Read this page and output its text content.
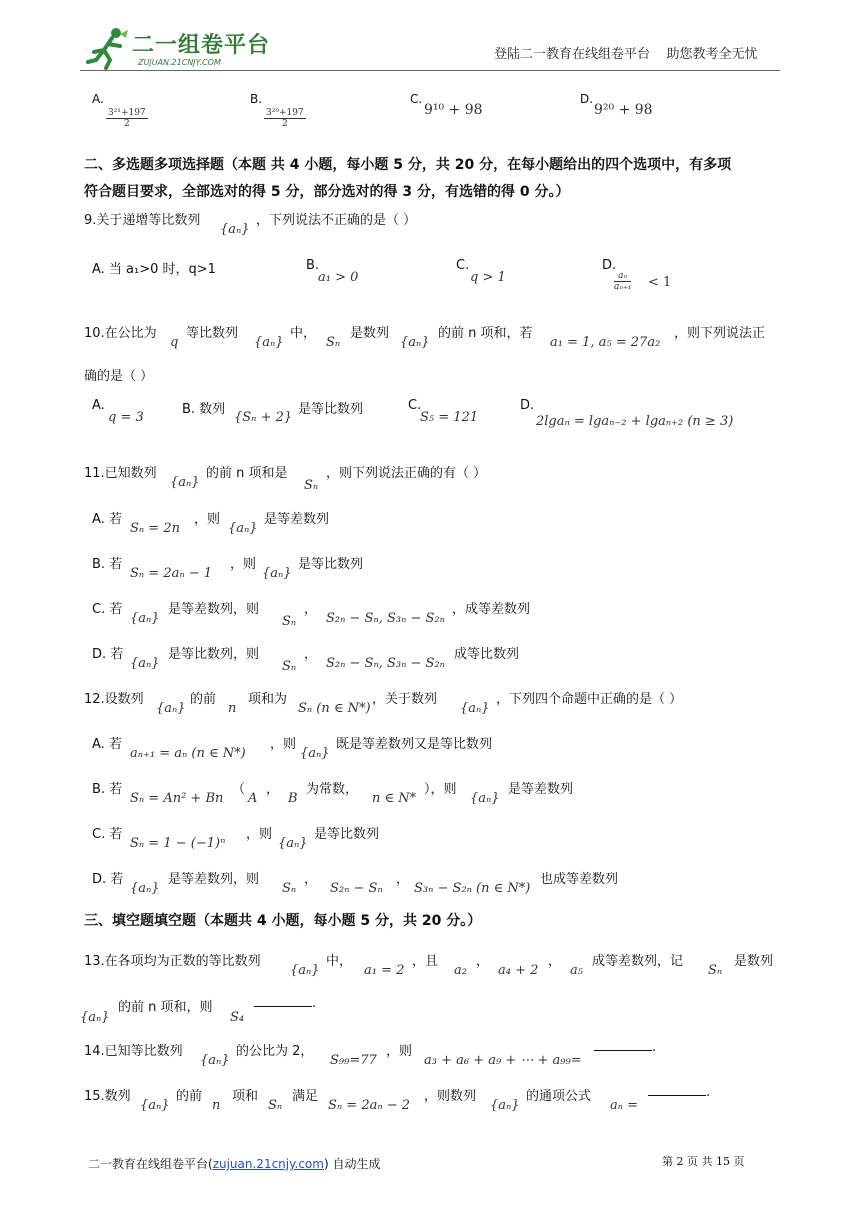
二一组卷平台
ZUJUAN.21CNJY.COM
登陆二一教育在线组卷平台    助您教考全无忧
A.
$\frac{\text{3²¹+197}}{2}$
B.
$\frac{\text{3²⁰+197}}{2}$
C.
9¹⁰ + 98
D.
9²⁰ + 98
二、多选题多项选择题（本题 共 4 小题，每小题 5 分，共 20 分，在每小题给出的四个选项中，有多项
符合题目要求，全部选对的得 5 分，部分选对的得 3 分，有选错的得 0 分。）
9.关于递增等比数列
{aₙ}
，下列说法不正确的是（ ）
A. 当 a₁>0 时，q>1	B.
a₁ > 0
C.
q > 1
D.
$\frac{\text{aₙ}}{\text{aₙ₊₁}} < 1$
10.在公比为
q
等比数列
{aₙ}
中，
Sₙ
是数列
{aₙ}
的前 n 项和，若
a₁ = 1, a₅ = 27a₂
，则下列说法正
确的是（ ）
A.
q = 3
B. 数列
{Sₙ + 2}
是等比数列	C.
S₅ = 121
D.
2lgaₙ = lgaₙ₋₂ + lgaₙ₊₂ (n ≥ 3)
11.已知数列
{aₙ}
的前 n 项和是
Sₙ
，则下列说法正确的有（ ）
A. 若
Sₙ = 2n
，则
{aₙ}
是等差数列
B. 若
Sₙ = 2aₙ − 1
，则
{aₙ}
是等比数列
C. 若
{aₙ}
是等差数列，则
Sₙ
，
S₂ₙ − Sₙ, S₃ₙ − S₂ₙ
，成等差数列
D. 若
{aₙ}
是等比数列，则
Sₙ
，
S₂ₙ − Sₙ, S₃ₙ − S₂ₙ
成等比数列
12.设数列
{aₙ}
的前
n
项和为
Sₙ (n ∈ N*)
，关于数列
{aₙ}
，下列四个命题中正确的是（ ）
A. 若
aₙ₊₁ = aₙ (n ∈ N*)
，则
{aₙ}
既是等差数列又是等比数列
B. 若
Sₙ = An² + Bn
（
A
，
B
为常数，
n ∈ N*
），则
{aₙ}
是等差数列
C. 若
Sₙ = 1 − (−1)ⁿ
，则
{aₙ}
是等比数列
D. 若
{aₙ}
是等差数列，则
Sₙ
，
S₂ₙ − Sₙ
，
S₃ₙ − S₂ₙ (n ∈ N*)
也成等差数列
三、填空题填空题（本题共 4 小题，每小题 5 分，共 20 分。）
13.在各项均为正数的等比数列
{aₙ}
中，
a₁ = 2
，且
a₂
，
a₄ + 2
，
a₅
成等差数列，记
Sₙ
是数列
{aₙ}
的前 n 项和，则
S₄
.
14.已知等比数列
{aₙ}
的公比为 2，
S₉₉=77
，则
a₃ + a₆ + a₉ + ⋯ + a₉₉=
.
15.数列
{aₙ}
的前
n
项和
Sₙ
满足
Sₙ = 2aₙ − 2
，则数列
{aₙ}
的通项公式
aₙ =
.
二一教育在线组卷平台(zujuan.21cnjy.com) 自动生成	第 2 页 共 15 页
